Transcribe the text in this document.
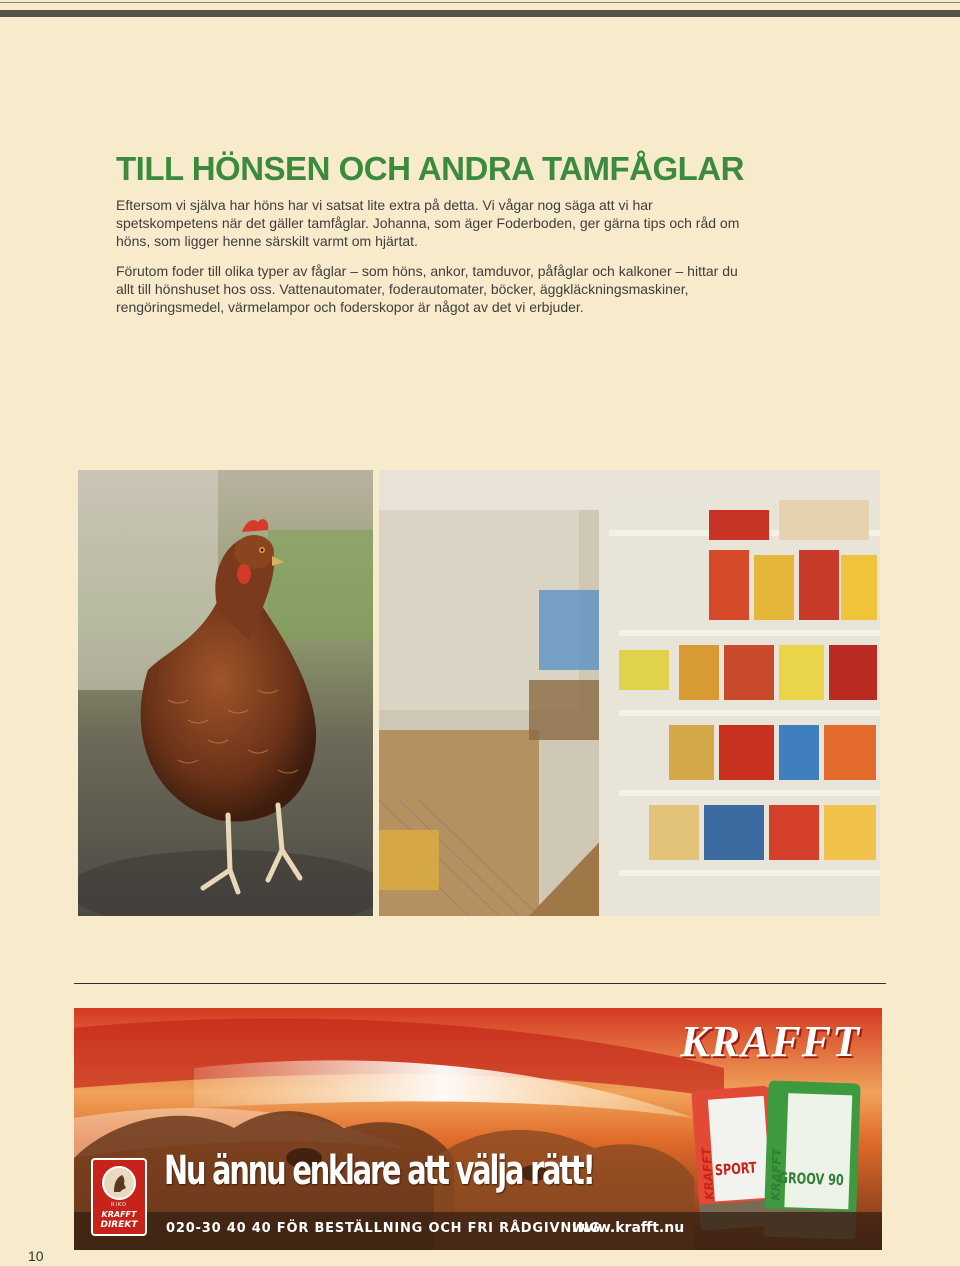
TILL HÖNSEN OCH ANDRA TAMFÅGLAR

Eftersom vi själva har höns har vi satsat lite extra på detta. Vi vågar nog säga att vi har spetskompetens när det gäller tamfåglar. Johanna, som äger Foderboden, ger gärna tips och råd om höns, som ligger henne särskilt varmt om hjärtat.

Förutom foder till olika typer av fåglar – som höns, ankor, tamduvor, påfåglar och kalkoner – hittar du allt till hönshuset hos oss. Vattenautomater, foderautomater, böcker, äggkläckningsmaskiner, rengöringsmedel, värmelampor och foderskopor är något av det vi erbjuder.

KRAFFT
SPORT
KRAFFT	GROOV 90
KRAFFT
Nu ännu enklare att välja rätt!
020-30 40 40 FÖR BESTÄLLNING OCH FRI RÅDGIVNING
www.krafft.nu
RIKO
KRAFFT
DIREKT
10
